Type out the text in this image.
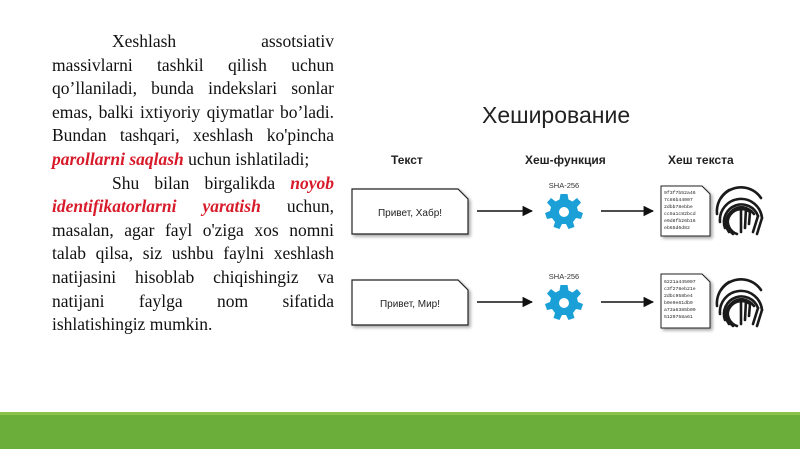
Xeshlash assotsiativ massivlarni tashkil qilish uchun qo’llaniladi, bunda indekslari sonlar emas, balki ixtiyoriy qiymatlar bo’ladi. Bundan tashqari, xeshlash ko'pincha parollarni saqlash uchun ishlatiladi;

Shu bilan birgalikda noyob identifikatorlarni yaratish uchun, masalan, agar fayl o'ziga xos nomni talab qilsa, siz ushbu faylni xeshlash natijasini hisoblab chiqishingiz va natijani faylga nom sifatida ishlatishingiz mumkin.

Хеширование
Текст	Хеш-функция	Хеш текста
Привет, Хабр!
SHA-256
9f3f7b52a46 7c86b44007 2dbb78ebbe cc5a1c82bcd e9d8fb26b16 eb65d6d82
Привет, Мир!
SHA-256
6221a445007 c3f278eb21e 2dbc958be4 b0e9e61db9 a73a6385b09 5120758a61
